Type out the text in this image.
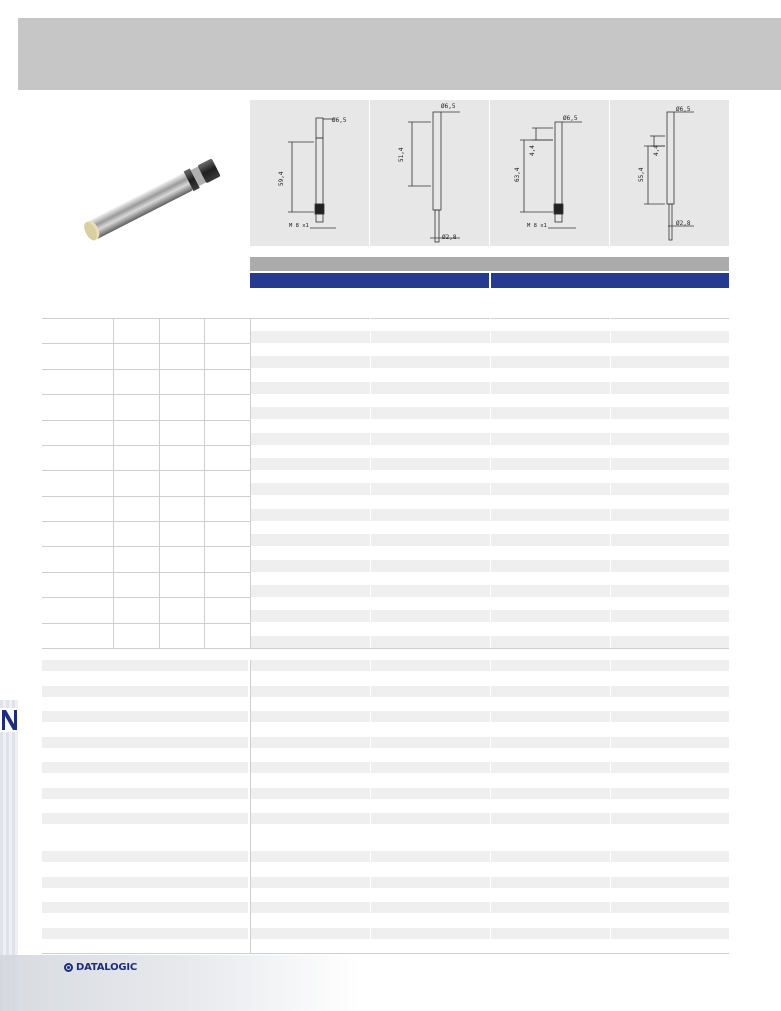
Ø6,5
59,4
M 8 x1
Ø6,5
51,4
Ø2,8
Ø6,5
4,4
63,4
M 8 x1
Ø6,5
4,4
55,4
Ø2,8
DATALOGIC
